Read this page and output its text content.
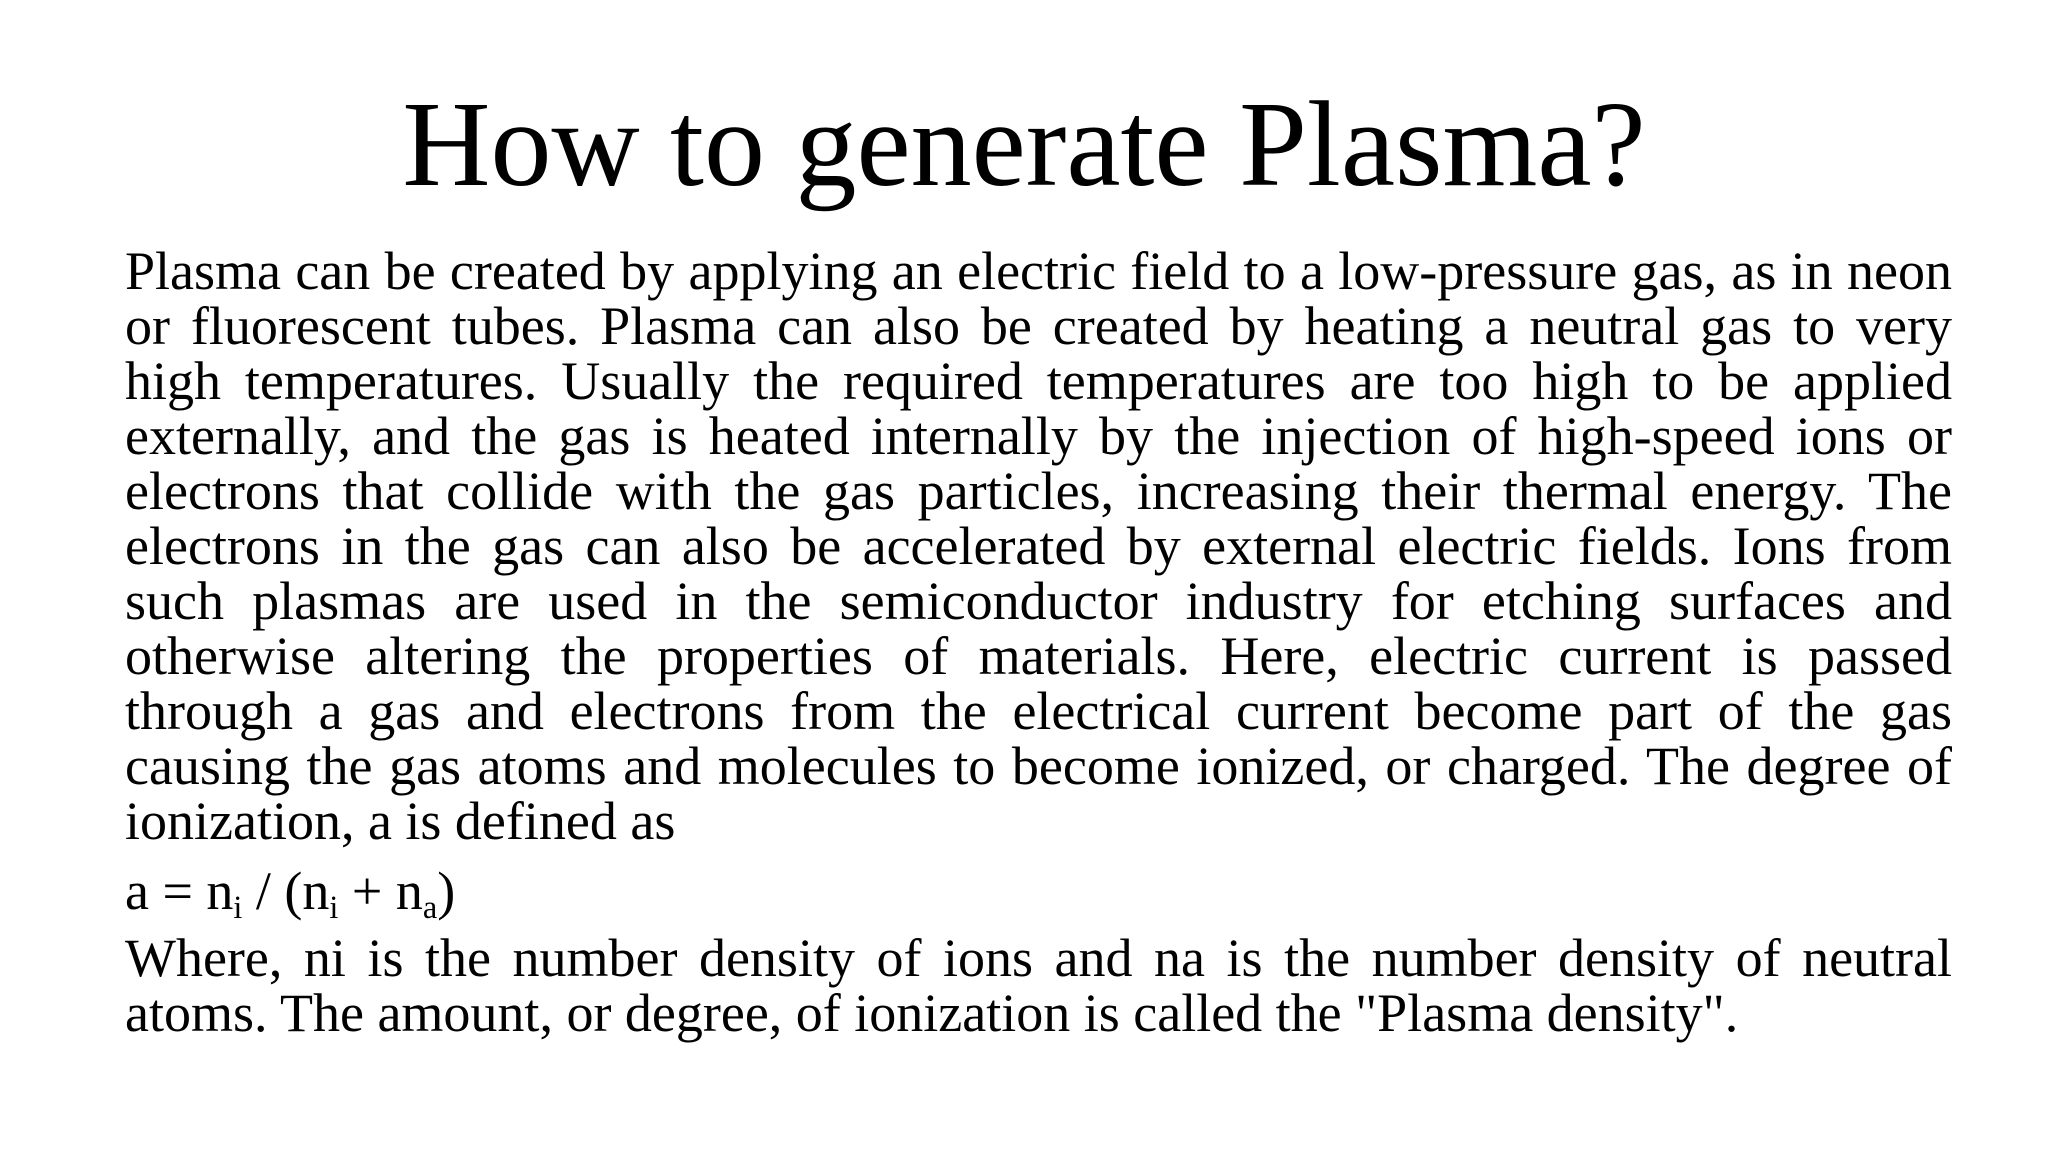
How to generate Plasma?

Plasma can be created by applying an electric field to a low-pressure gas, as in neon or fluorescent tubes. Plasma can also be created by heating a neutral gas to very high temperatures. Usually the required temperatures are too high to be applied externally, and the gas is heated internally by the injection of high-speed ions or electrons that collide with the gas particles, increasing their thermal energy. The electrons in the gas can also be accelerated by external electric fields. Ions from such plasmas are used in the semiconductor industry for etching surfaces and otherwise altering the properties of materials. Here, electric current is passed through a gas and electrons from the electrical current become part of the gas causing the gas atoms and molecules to become ionized, or charged. The degree of ionization, a is defined as

$a = n_i / (n_i + n_a)$

Where, ni is the number density of ions and na is the number density of neutral atoms. The amount, or degree, of ionization is called the "Plasma density".
